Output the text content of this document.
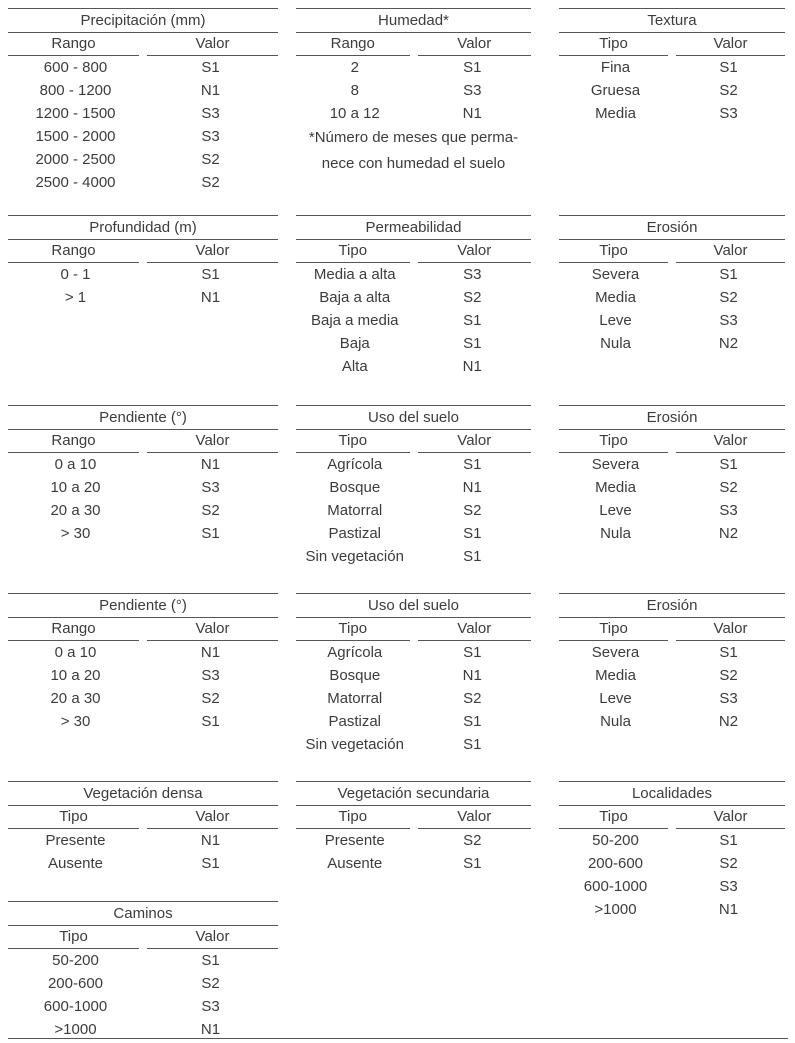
Precipitación (mm)
Rango	Valor
600 - 800	S1
800 - 1200	N1
1200 - 1500	S3
1500 - 2000	S3
2000 - 2500	S2
2500 - 4000	S2
Humedad*
Rango	Valor
2	S1
8	S3
10 a 12	N1
*Número de meses que perma-
nece con humedad el suelo
Textura
Tipo	Valor
Fina	S1
Gruesa	S2
Media	S3
Profundidad (m)
Rango	Valor
0 - 1	S1
> 1	N1
Permeabilidad
Tipo	Valor
Media a alta	S3
Baja a alta	S2
Baja a media	S1
Baja	S1
Alta	N1
Erosión
Tipo	Valor
Severa	S1
Media	S2
Leve	S3
Nula	N2
Pendiente (°)
Rango	Valor
0 a 10	N1
10 a 20	S3
20 a 30	S2
> 30	S1
Uso del suelo
Tipo	Valor
Agrícola	S1
Bosque	N1
Matorral	S2
Pastizal	S1
Sin vegetación	S1
Erosión
Tipo	Valor
Severa	S1
Media	S2
Leve	S3
Nula	N2
Pendiente (°)
Rango	Valor
0 a 10	N1
10 a 20	S3
20 a 30	S2
> 30	S1
Uso del suelo
Tipo	Valor
Agrícola	S1
Bosque	N1
Matorral	S2
Pastizal	S1
Sin vegetación	S1
Erosión
Tipo	Valor
Severa	S1
Media	S2
Leve	S3
Nula	N2
Vegetación densa
Tipo	Valor
Presente	N1
Ausente	S1
Vegetación secundaria
Tipo	Valor
Presente	S2
Ausente	S1
Localidades
Tipo	Valor
50-200	S1
200-600	S2
600-1000	S3
>1000	N1
Caminos
Tipo	Valor
50-200	S1
200-600	S2
600-1000	S3
>1000	N1
